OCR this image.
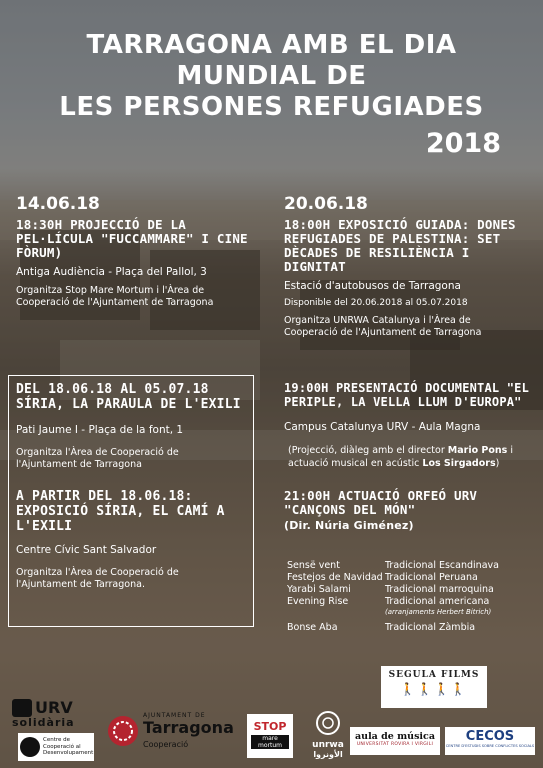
TARRAGONA AMB EL DIA
MUNDIAL DE
LES PERSONES REFUGIADES
2018
14.06.18
18:30H PROJECCIÓ DE LA PEL·LÍCULA "FUCCAMMARE" I CINE FÒRUM)
Antiga Audiència - Plaça del Pallol, 3
Organitza Stop Mare Mortum i l'Àrea de Cooperació de l'Ajuntament de Tarragona
20.06.18
18:00H EXPOSICIÓ GUIADA: DONES REFUGIADES DE PALESTINA: SET DÈCADES DE RESILIÈNCIA I DIGNITAT
Estació d'autobusos de Tarragona
Disponible del 20.06.2018 al 05.07.2018
Organitza UNRWA Catalunya i l'Àrea de Cooperació de l'Ajuntament de Tarragona
DEL 18.06.18 AL 05.07.18 SÍRIA, LA PARAULA DE L'EXILI
Pati Jaume I - Plaça de la font, 1
Organitza l'Àrea de Cooperació de l'Ajuntament de Tarragona
A PARTIR DEL 18.06.18: EXPOSICIÓ SÍRIA, EL CAMÍ A L'EXILI
Centre Cívic Sant Salvador
Organitza l'Àrea de Cooperació de l'Ajuntament de Tarragona.
19:00H PRESENTACIÓ DOCUMENTAL "EL PERIPLE, LA VELLA LLUM D'EUROPA"
Campus Catalunya URV - Aula Magna
(Projecció, diàleg amb el director Mario Pons i actuació musical en acústic Los Sirgadors)
21:00H ACTUACIÓ ORFEÓ URV "CANÇONS DEL MÓN"
(Dir. Núria Giménez)
Sensë vent	Tradicional Escandinava
Festejos de Navidad Tradicional Peruana
Yarabi Salami	Tradicional marroquina
Evening Rise	Tradicional americana
(arranjaments Herbert Bitrich)
Bonse Aba	Tradicional Zàmbia
SEGULA FILMS
🚶🚶🚶🚶
URV
solidària
Centre de Cooperació al Desenvolupament
AJUNTAMENT DE
Tarragona
Cooperació
STOP
mare mortum	unrwa
الأونروا
aula de música
UNIVERSITAT ROVIRA I VIRGILI
CECOS
CENTRE D'ESTUDIS SOBRE CONFLICTES SOCIALS
